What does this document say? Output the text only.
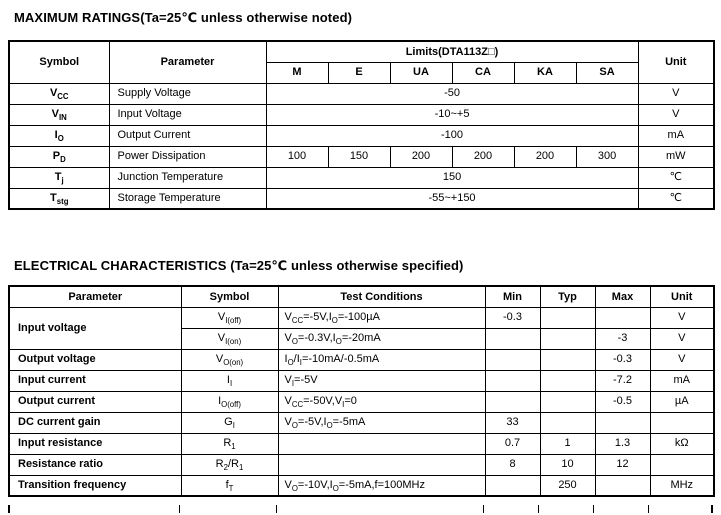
MAXIMUM RATINGS(Ta=25℃ unless otherwise noted)
Symbol	Parameter	Limits(DTA113Z□)						Unit
		M	E	UA	CA	KA	SA	
$V_{CC}$	Supply Voltage	-50						V
$V_{IN}$	Input Voltage	-10~+5						V
$I_O$	Output Current	-100						mA
$P_D$	Power Dissipation	100	150	200	200	200	300	mW
$T_j$	Junction Temperature	150						℃
$T_{stg}$	Storage Temperature	-55~+150						℃
ELECTRICAL CHARACTERISTICS (Ta=25℃ unless otherwise specified)
Parameter	Symbol	Test Conditions	Min	Typ	Max	Unit
Input voltage	$V_{I(off)}$	$V_{CC}=-5V,I_O=-100\mu A$	-0.3			V
	$V_{I(on)}$	$V_O=-0.3V,I_O=-20mA$			-3	V
Output voltage	$V_{O(on)}$	$I_O/I_I=-10mA/-0.5mA$			-0.3	V
Input current	$I_I$	$V_I=-5V$			-7.2	mA
Output current	$I_{O(off)}$	$V_{CC}=-50V,V_I=0$			-0.5	µA
DC current gain	$G_I$	$V_O=-5V,I_O=-5mA$	33			
Input resistance	$R_1$		0.7	1	1.3	kΩ
Resistance ratio	$R_2/R_1$		8	10	12	
Transition frequency	$f_T$	$V_O=-10V,I_O=-5mA,f=100MHz$		250		MHz
